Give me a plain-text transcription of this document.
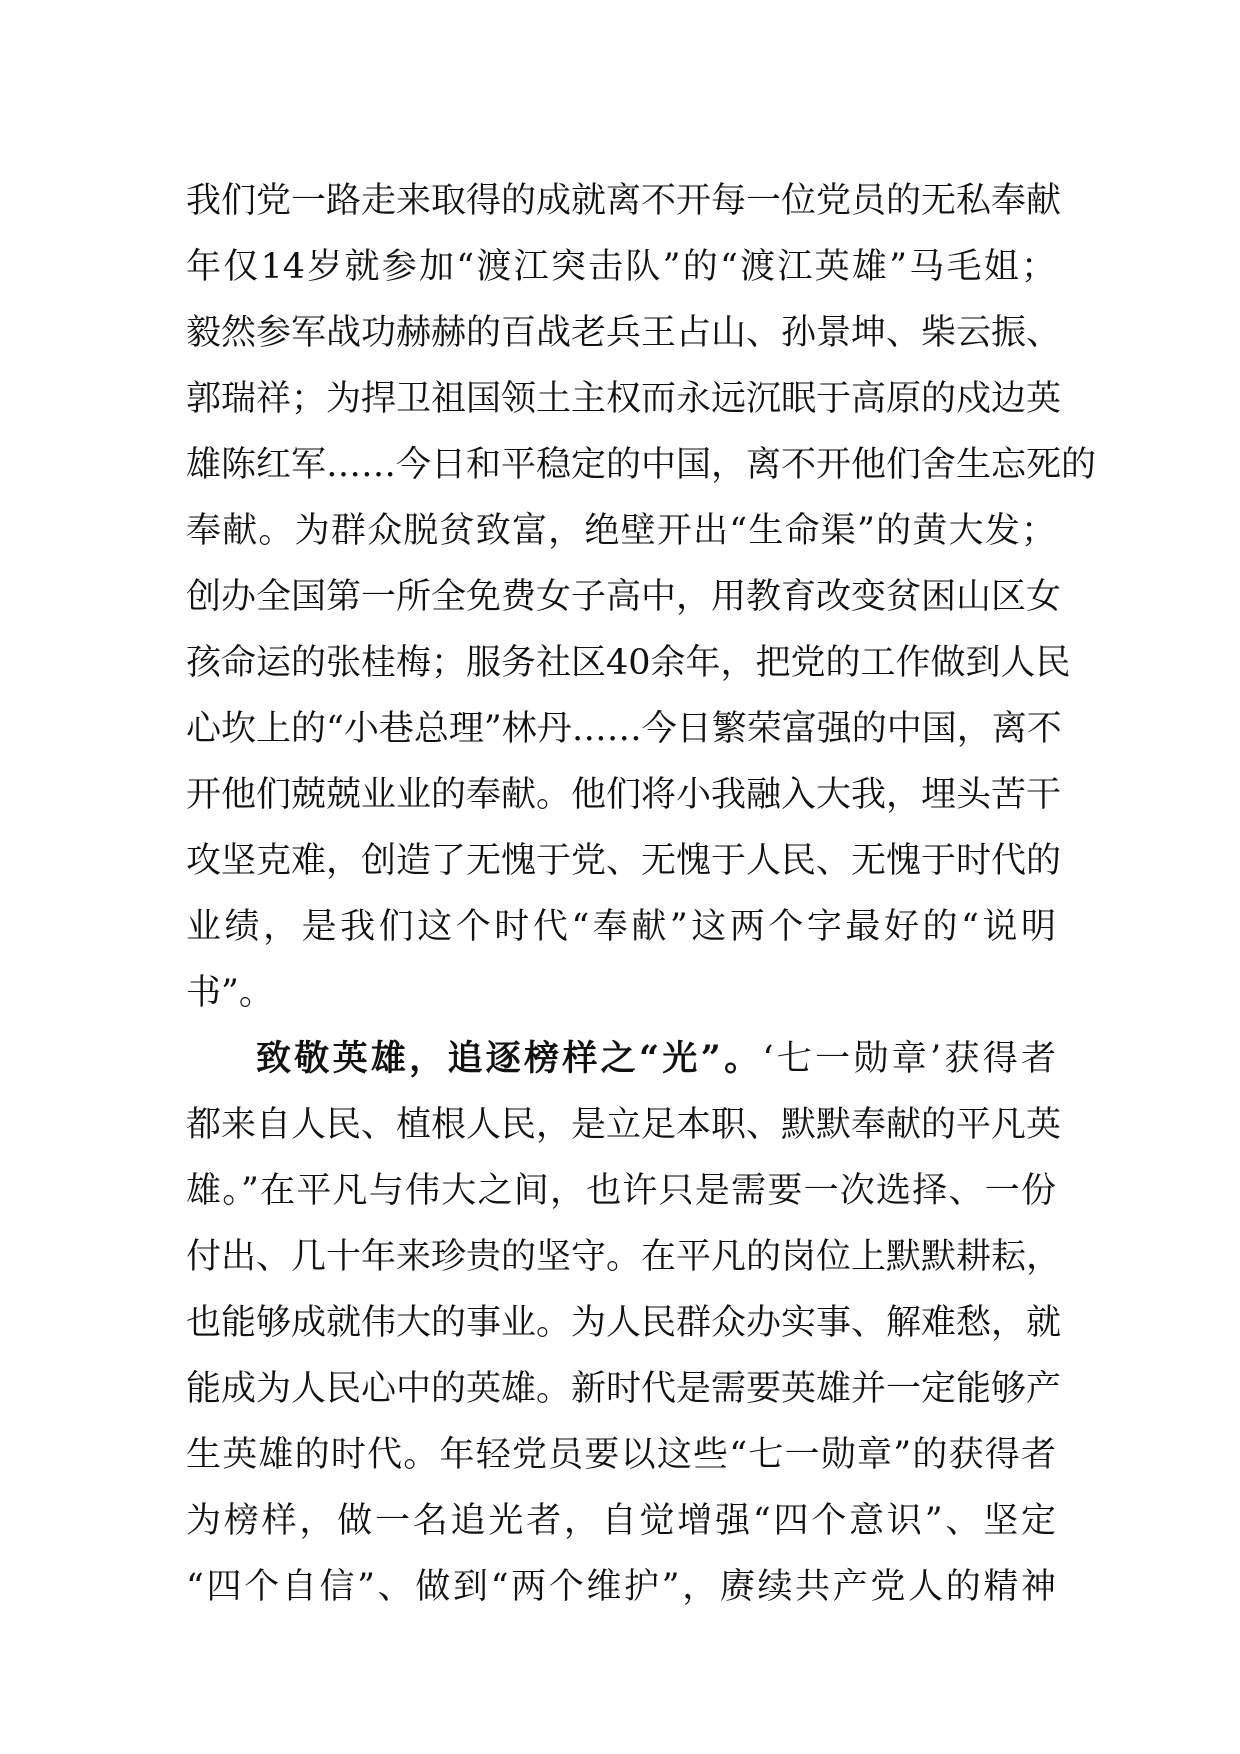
我们党一路走来取得的成就离不开每一位党员的无私奉献
年仅14岁就参加“渡江突击队”的“渡江英雄”马毛姐；
毅然参军战功赫赫的百战老兵王占山、孙景坤、柴云振、
郭瑞祥；为捍卫祖国领土主权而永远沉眠于高原的戍边英
雄陈红军……今日和平稳定的中国，离不开他们舍生忘死的
奉献。为群众脱贫致富，绝壁开出“生命渠”的黄大发；
创办全国第一所全免费女子高中，用教育改变贫困山区女
孩命运的张桂梅；服务社区40余年，把党的工作做到人民
心坎上的“小巷总理”林丹……今日繁荣富强的中国，离不
开他们兢兢业业的奉献。他们将小我融入大我，埋头苦干
攻坚克难，创造了无愧于党、无愧于人民、无愧于时代的
业绩，是我们这个时代“奉献”这两个字最好的“说明
书”。
致敬英雄，追逐榜样之“光”。‘七一勋章’获得者
都来自人民、植根人民，是立足本职、默默奉献的平凡英
雄。”在平凡与伟大之间，也许只是需要一次选择、一份
付出、几十年来珍贵的坚守。在平凡的岗位上默默耕耘，
也能够成就伟大的事业。为人民群众办实事、解难愁，就
能成为人民心中的英雄。新时代是需要英雄并一定能够产
生英雄的时代。年轻党员要以这些“七一勋章”的获得者
为榜样，做一名追光者，自觉增强“四个意识”、坚定
“四个自信”、做到“两个维护”，赓续共产党人的精神
